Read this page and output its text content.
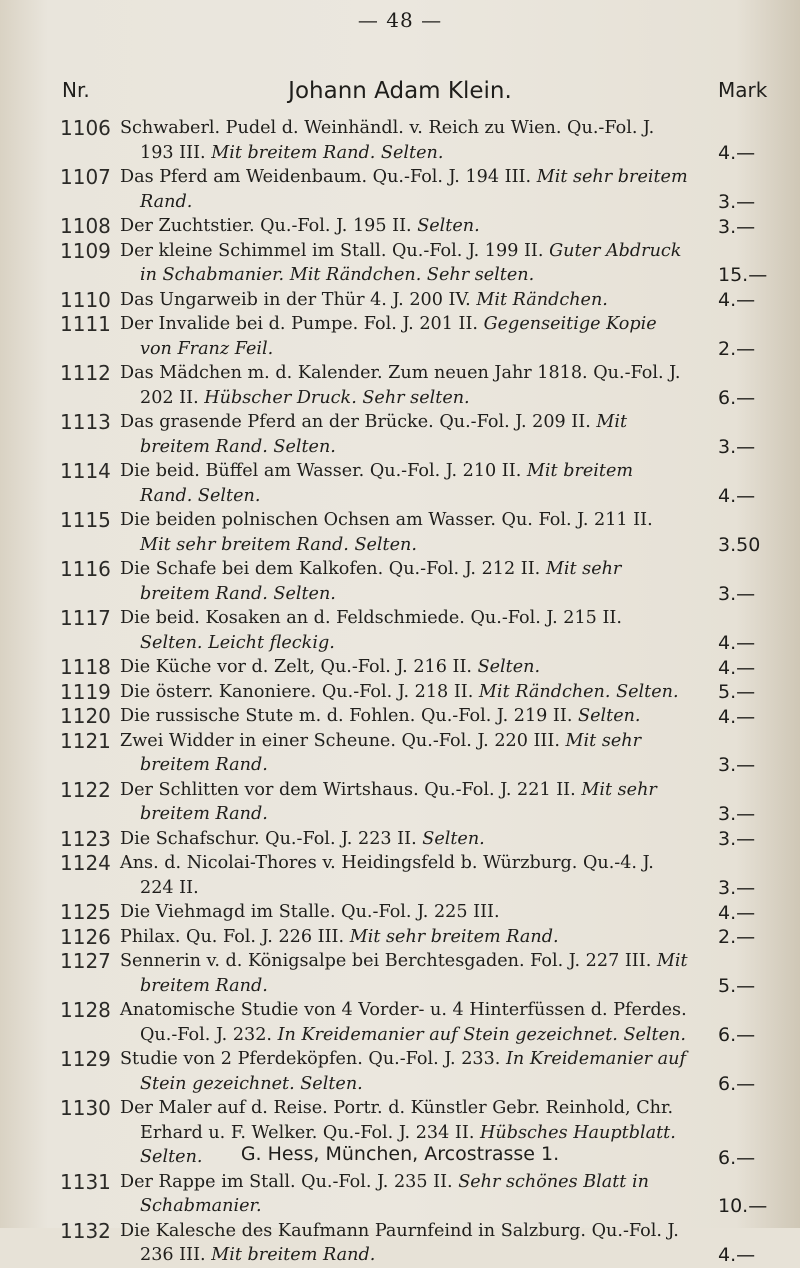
— 48 —
Nr.	Johann Adam Klein.	Mark
1106 Schwaberl. Pudel d. Weinhändl. v. Reich zu Wien. Qu.-Fol. J. 193 III. Mit breitem Rand. Selten.	4.—
1107 Das Pferd am Weidenbaum. Qu.-Fol. J. 194 III. Mit sehr breitem Rand.	3.—
1108 Der Zuchtstier. Qu.-Fol. J. 195 II. Selten.	3.—
1109 Der kleine Schimmel im Stall. Qu.-Fol. J. 199 II. Guter Abdruck in Schabmanier. Mit Rändchen. Sehr selten.	15.—
1110 Das Ungarweib in der Thür 4. J. 200 IV. Mit Rändchen.	4.—
1111 Der Invalide bei d. Pumpe. Fol. J. 201 II. Gegenseitige Kopie von Franz Feil.	2.—
1112 Das Mädchen m. d. Kalender. Zum neuen Jahr 1818. Qu.-Fol. J. 202 II. Hübscher Druck. Sehr selten.	6.—
1113 Das grasende Pferd an der Brücke. Qu.-Fol. J. 209 II. Mit breitem Rand. Selten.	3.—
1114 Die beid. Büffel am Wasser. Qu.-Fol. J. 210 II. Mit breitem Rand. Selten.	4.—
1115 Die beiden polnischen Ochsen am Wasser. Qu. Fol. J. 211 II. Mit sehr breitem Rand. Selten.	3.50
1116 Die Schafe bei dem Kalkofen. Qu.-Fol. J. 212 II. Mit sehr breitem Rand. Selten.	3.—
1117 Die beid. Kosaken an d. Feldschmiede. Qu.-Fol. J. 215 II. Selten. Leicht fleckig.	4.—
1118 Die Küche vor d. Zelt, Qu.-Fol. J. 216 II. Selten.	4.—
1119 Die österr. Kanoniere. Qu.-Fol. J. 218 II. Mit Rändchen. Selten.	5.—
1120 Die russische Stute m. d. Fohlen. Qu.-Fol. J. 219 II. Selten.	4.—
1121 Zwei Widder in einer Scheune. Qu.-Fol. J. 220 III. Mit sehr breitem Rand.	3.—
1122 Der Schlitten vor dem Wirtshaus. Qu.-Fol. J. 221 II. Mit sehr breitem Rand.	3.—
1123 Die Schafschur. Qu.-Fol. J. 223 II. Selten.	3.—
1124 Ans. d. Nicolai-Thores v. Heidingsfeld b. Würzburg. Qu.-4. J. 224 II.	3.—
1125 Die Viehmagd im Stalle. Qu.-Fol. J. 225 III.	4.—
1126 Philax. Qu. Fol. J. 226 III. Mit sehr breitem Rand.	2.—
1127 Sennerin v. d. Königsalpe bei Berchtesgaden. Fol. J. 227 III. Mit breitem Rand.	5.—
1128 Anatomische Studie von 4 Vorder- u. 4 Hinterfüssen d. Pferdes. Qu.-Fol. J. 232. In Kreidemanier auf Stein gezeichnet. Selten. 6.—
1129 Studie von 2 Pferdeköpfen. Qu.-Fol. J. 233. In Kreidemanier auf Stein gezeichnet. Selten.	6.—
1130 Der Maler auf d. Reise. Portr. d. Künstler Gebr. Reinhold, Chr. Erhard u. F. Welker. Qu.-Fol. J. 234 II. Hübsches Hauptblatt. Selten.	6.—
1131 Der Rappe im Stall. Qu.-Fol. J. 235 II. Sehr schönes Blatt in Schabmanier.	10.—
1132 Die Kalesche des Kaufmann Paurnfeind in Salzburg. Qu.-Fol. J. 236 III. Mit breitem Rand.	4.—
G. Hess, München, Arcostrasse 1.
